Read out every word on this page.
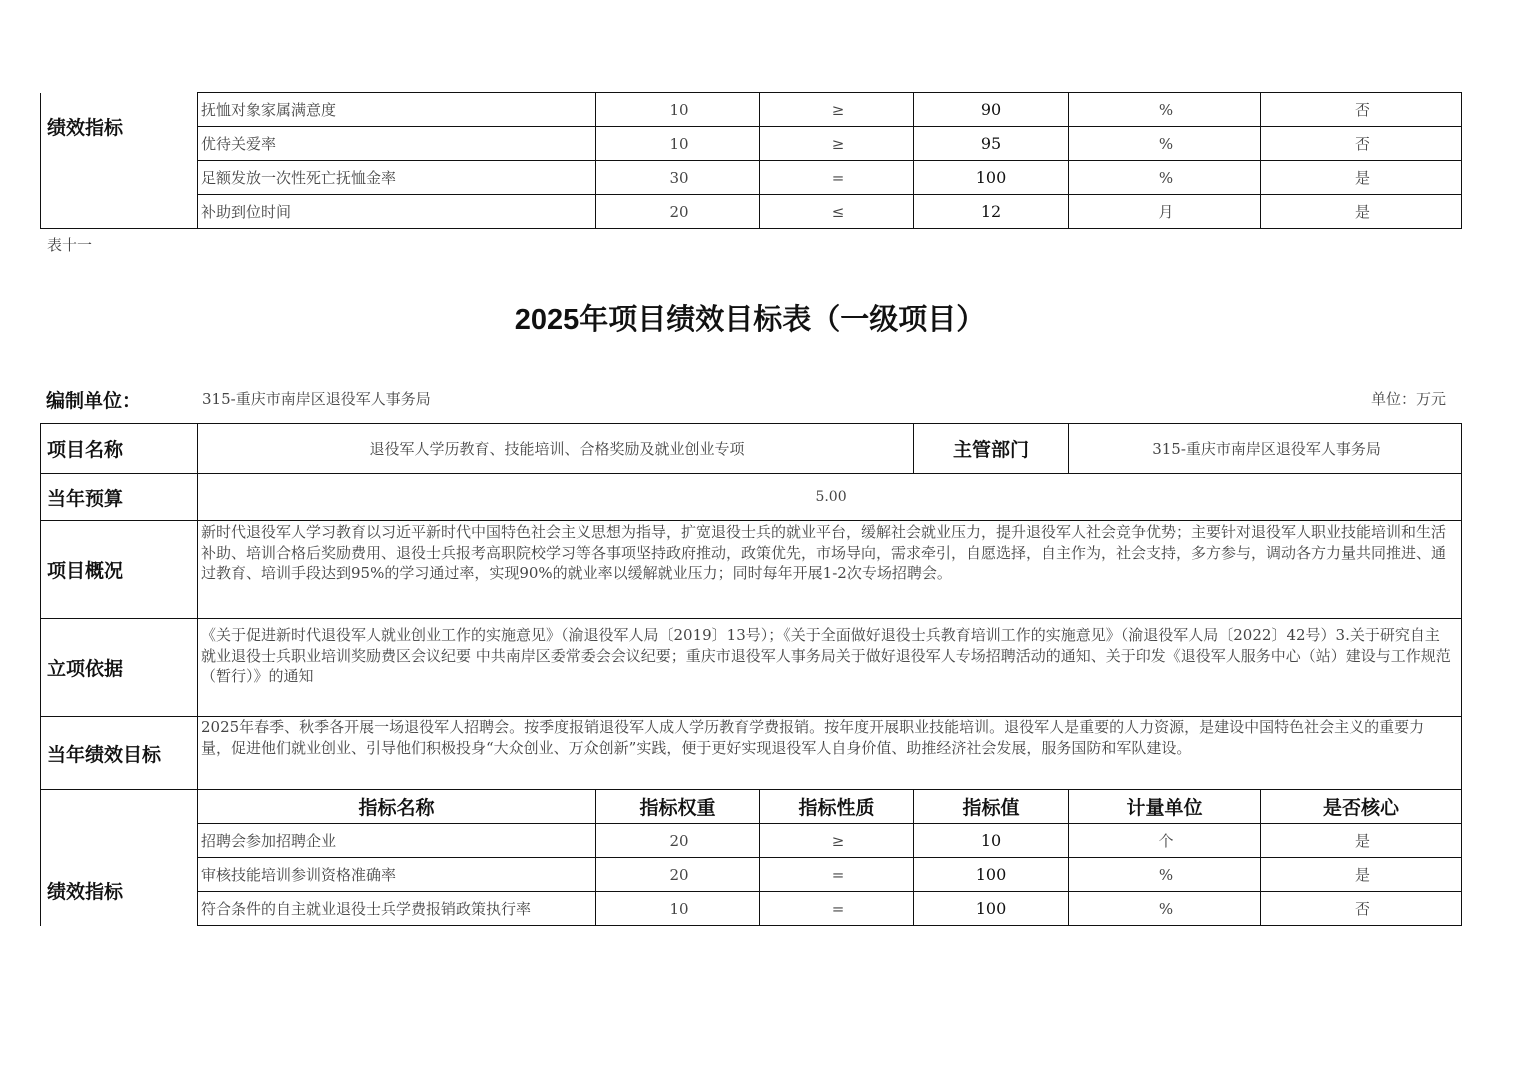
绩效指标	抚恤对象家属满意度	10	≥	90	%	否
	优待关爱率	10	≥	95	%	否
	足额发放一次性死亡抚恤金率	30	=	100	%	是
	补助到位时间	20	≤	12	月	是
表十一
2025年项目绩效目标表（一级项目）
编制单位：	315-重庆市南岸区退役军人事务局	单位：万元
项目名称	退役军人学历教育、技能培训、合格奖励及就业创业专项			主管部门	315-重庆市南岸区退役军人事务局	
当年预算	5.00					
项目概况	新时代退役军人学习教育以习近平新时代中国特色社会主义思想为指导，扩宽退役士兵的就业平台，缓解社会就业压力，提升退役军人社会竞争优势；主要针对退役军人职业技能培训和生活补助、培训合格后奖励费用、退役士兵报考高职院校学习等各事项坚持政府推动，政策优先，市场导向，需求牵引，自愿选择，自主作为，社会支持，多方参与，调动各方力量共同推进、通过教育、培训手段达到95%的学习通过率，实现90%的就业率以缓解就业压力；同时每年开展1-2次专场招聘会。					
立项依据	《关于促进新时代退役军人就业创业工作的实施意见》（渝退役军人局〔2019〕13号）；《关于全面做好退役士兵教育培训工作的实施意见》（渝退役军人局〔2022〕42号）3.关于研究自主就业退役士兵职业培训奖励费区会议纪要 中共南岸区委常委会会议纪要；重庆市退役军人事务局关于做好退役军人专场招聘活动的通知、关于印发《退役军人服务中心（站）建设与工作规范（暂行）》的通知					
当年绩效目标	2025年春季、秋季各开展一场退役军人招聘会。按季度报销退役军人成人学历教育学费报销。按年度开展职业技能培训。退役军人是重要的人力资源，是建设中国特色社会主义的重要力量，促进他们就业创业、引导他们积极投身“大众创业、万众创新”实践，便于更好实现退役军人自身价值、助推经济社会发展，服务国防和军队建设。					
绩效指标	指标名称	指标权重	指标性质	指标值	计量单位	是否核心
	招聘会参加招聘企业	20	≥	10	个	是
	审核技能培训参训资格准确率	20	=	100	%	是
	符合条件的自主就业退役士兵学费报销政策执行率	10	=	100	%	否
